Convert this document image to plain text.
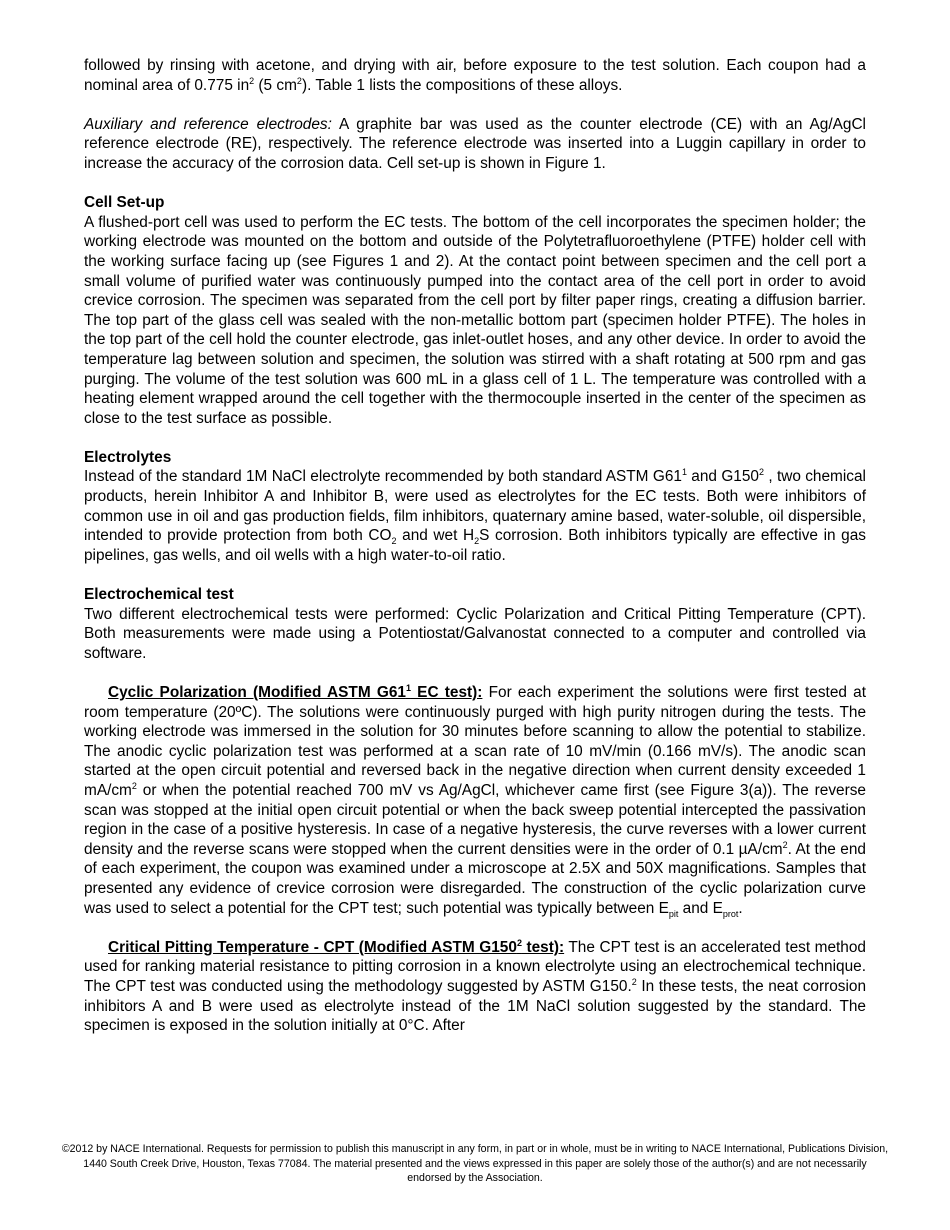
followed by rinsing with acetone, and drying with air, before exposure to the test solution. Each coupon had a nominal area of 0.775 $in^2$ (5 $cm^2$). Table 1 lists the compositions of these alloys.

Auxiliary and reference electrodes: A graphite bar was used as the counter electrode (CE) with an Ag/AgCl reference electrode (RE), respectively. The reference electrode was inserted into a Luggin capillary in order to increase the accuracy of the corrosion data. Cell set-up is shown in Figure 1.

Cell Set-up

A flushed-port cell was used to perform the EC tests. The bottom of the cell incorporates the specimen holder; the working electrode was mounted on the bottom and outside of the Polytetrafluoroethylene (PTFE) holder cell with the working surface facing up (see Figures 1 and 2). At the contact point between specimen and the cell port a small volume of purified water was continuously pumped into the contact area of the cell port in order to avoid crevice corrosion. The specimen was separated from the cell port by filter paper rings, creating a diffusion barrier. The top part of the glass cell was sealed with the non-metallic bottom part (specimen holder PTFE). The holes in the top part of the cell hold the counter electrode, gas inlet-outlet hoses, and any other device. In order to avoid the temperature lag between solution and specimen, the solution was stirred with a shaft rotating at 500 rpm and gas purging. The volume of the test solution was 600 mL in a glass cell of 1 L. The temperature was controlled with a heating element wrapped around the cell together with the thermocouple inserted in the center of the specimen as close to the test surface as possible.

Electrolytes

Instead of the standard 1M NaCl electrolyte recommended by both standard ASTM $G61^1$ and $G150^2$ , two chemical products, herein Inhibitor A and Inhibitor B, were used as electrolytes for the EC tests. Both were inhibitors of common use in oil and gas production fields, film inhibitors, quaternary amine based, water-soluble, oil dispersible, intended to provide protection from both $CO_2$ and wet $H_2S$ corrosion. Both inhibitors typically are effective in gas pipelines, gas wells, and oil wells with a high water-to-oil ratio.

Electrochemical test

Two different electrochemical tests were performed: Cyclic Polarization and Critical Pitting Temperature (CPT). Both measurements were made using a Potentiostat/Galvanostat connected to a computer and controlled via software.

Cyclic Polarization (Modified ASTM $G61^1$ EC test): For each experiment the solutions were first tested at room temperature (20ºC). The solutions were continuously purged with high purity nitrogen during the tests. The working electrode was immersed in the solution for 30 minutes before scanning to allow the potential to stabilize. The anodic cyclic polarization test was performed at a scan rate of 10 mV/min (0.166 mV/s). The anodic scan started at the open circuit potential and reversed back in the negative direction when current density exceeded 1 $mA/cm^2$ or when the potential reached 700 mV vs Ag/AgCl, whichever came first (see Figure 3(a)). The reverse scan was stopped at the initial open circuit potential or when the back sweep potential intercepted the passivation region in the case of a positive hysteresis. In case of a negative hysteresis, the curve reverses with a lower current density and the reverse scans were stopped when the current densities were in the order of 0.1 $\mu A/cm^2$. At the end of each experiment, the coupon was examined under a microscope at 2.5X and 50X magnifications. Samples that presented any evidence of crevice corrosion were disregarded. The construction of the cyclic polarization curve was used to select a potential for the CPT test; such potential was typically between $E_{pit}$ and $E_{prot}$.

Critical Pitting Temperature - CPT (Modified ASTM $G150^2$ test): The CPT test is an accelerated test method used for ranking material resistance to pitting corrosion in a known electrolyte using an electrochemical technique. The CPT test was conducted using the methodology suggested by ASTM G150.$^2$ In these tests, the neat corrosion inhibitors A and B were used as electrolyte instead of the 1M NaCl solution suggested by the standard. The specimen is exposed in the solution initially at 0°C. After

©2012 by NACE International. Requests for permission to publish this manuscript in any form, in part or in whole, must be in writing to NACE International, Publications Division, 1440 South Creek Drive, Houston, Texas 77084. The material presented and the views expressed in this paper are solely those of the author(s) and are not necessarily endorsed by the Association.
